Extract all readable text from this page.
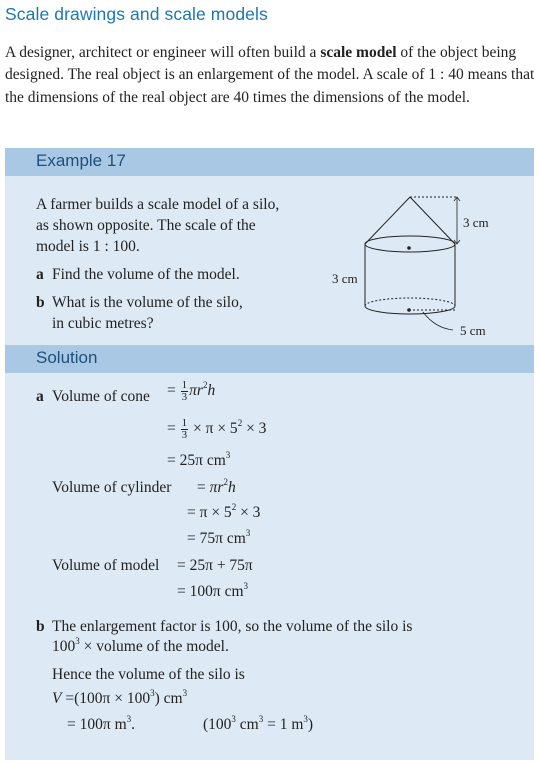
Scale drawings and scale models
A designer, architect or engineer will often build a scale model of the object being designed. The real object is an enlargement of the model. A scale of 1 : 40 means that the dimensions of the real object are 40 times the dimensions of the model.
Example 17
A farmer builds a scale model of a silo,
as shown opposite. The scale of the
model is 1 : 100.
a Find the volume of the model.
b What is the volume of the silo,
in cubic metres?
3 cm
3 cm
5 cm
Solution
a Volume of cone = $\frac{1}{3} \pi r^2h$
= $\frac{1}{3} \times \pi \times 5^2 \times 3$
= 25π $cm^3$
Volume of cylinder = $\pi r^2h$
= $\pi \times 5^2 \times 3$
= 75π $cm^3$
Volume of model = 25π + 75π
= 100π $cm^3$
b The enlargement factor is 100, so the volume of the silo is
$100^3$ × volume of the model.
Hence the volume of the silo is
$V =(100\pi \times 100^3)$ $cm^3$
= 100π $m^3$.	($100^3$ $cm^3 = 1$ $m^3$)
